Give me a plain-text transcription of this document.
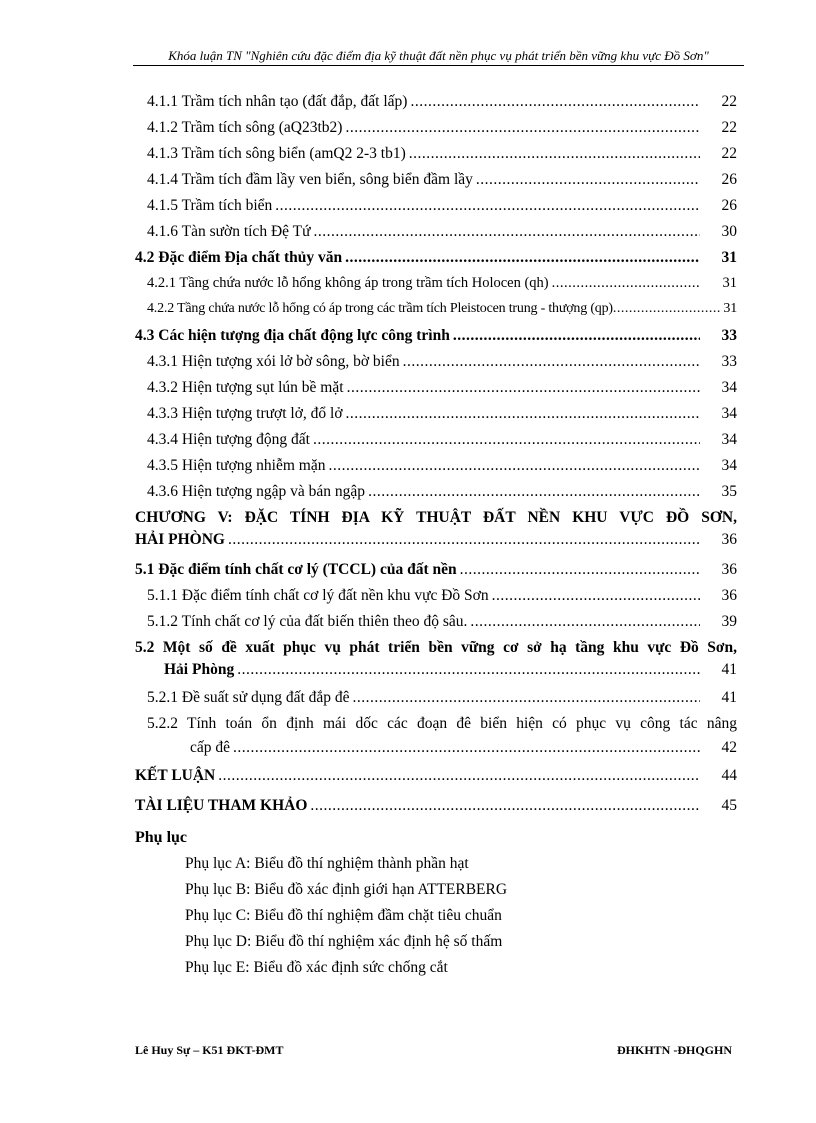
Khóa luận TN "Nghiên cứu đặc điểm địa kỹ thuật đất nền phục vụ phát triển bền vững khu vực Đồ Sơn"
4.1.1 Trầm tích nhân tạo (đất đắp, đất lấp) .....	22
4.1.2 Trầm tích sông (aQ23tb2) .....	22
4.1.3 Trầm tích sông biển (amQ2 2-3 tb1) .....	22
4.1.4 Trầm tích đầm lầy ven biển, sông biển đầm lầy .....	26
4.1.5 Trầm tích biển .....	26
4.1.6 Tàn sườn tích Đệ Tứ .....	30
4.2 Đặc điểm Địa chất thủy văn .....	31
4.2.1 Tầng chứa nước lỗ hổng không áp trong trầm tích Holocen (qh) .....	31
4.2.2 Tầng chứa nước lỗ hổng có áp trong các trầm tích Pleistocen trung - thượng (qp) .....	31
4.3 Các hiện tượng địa chất động lực công trình .....	33
4.3.1 Hiện tượng xói lở bờ sông, bờ biển .....	33
4.3.2 Hiện tượng sụt lún bề mặt .....	34
4.3.3 Hiện tượng trượt lở, đổ lở .....	34
4.3.4 Hiện tượng động đất .....	34
4.3.5 Hiện tượng nhiễm mặn .....	34
4.3.6 Hiện tượng ngập và bán ngập .....	35
CHƯƠNG V: ĐẶC TÍNH ĐỊA KỸ THUẬT ĐẤT NỀN KHU VỰC ĐỒ SƠN,
HẢI PHÒNG .....	36
5.1 Đặc điểm tính chất cơ lý (TCCL) của đất nền .....	36
5.1.1 Đặc điểm tính chất cơ lý đất nền khu vực Đồ Sơn .....	36
5.1.2 Tính chất cơ lý của đất biến thiên theo độ sâu. .....	39
5.2 Một số đề xuất phục vụ phát triển bền vững cơ sở hạ tầng khu vực Đồ Sơn,
Hải Phòng .....	41
5.2.1 Đề suất sử dụng đất đắp đê .....	41
5.2.2 Tính toán ổn định mái dốc các đoạn đê biển hiện có phục vụ công tác nâng
cấp đê .....	42
KẾT LUẬN .....	44
TÀI LIỆU THAM KHẢO .....	45
Phụ lục
Phụ lục A: Biểu đồ thí nghiệm thành phần hạt
Phụ lục B: Biểu đồ xác định giới hạn ATTERBERG
Phụ lục C: Biểu đồ thí nghiệm đầm chặt tiêu chuẩn
Phụ lục D: Biểu đồ thí nghiệm xác định hệ số thấm
Phụ lục E: Biểu đồ xác định sức chống cắt
Lê Huy Sự – K51 ĐKT-ĐMT	ĐHKHTN -ĐHQGHN
